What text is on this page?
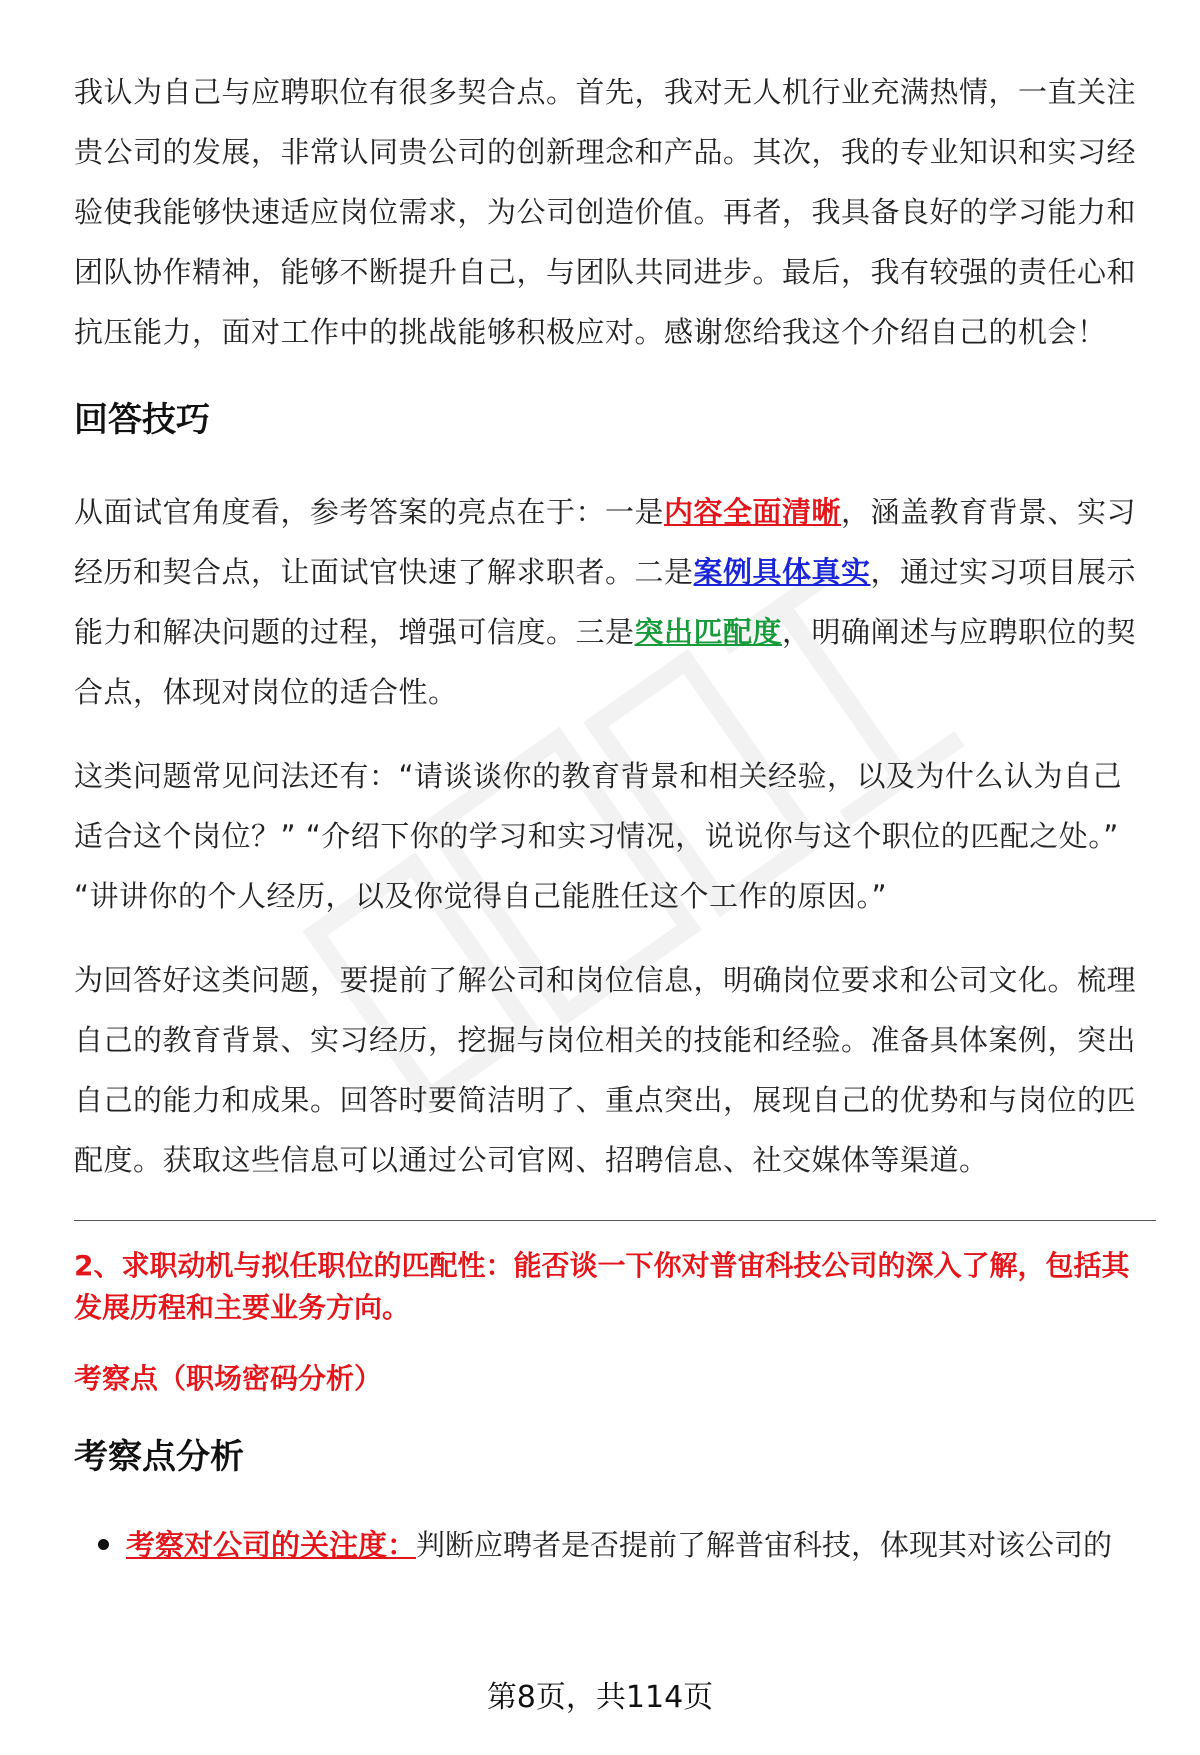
我认为自己与应聘职位有很多契合点。首先，我对无人机行业充满热情，一直关注贵公司的发展，非常认同贵公司的创新理念和产品。其次，我的专业知识和实习经验使我能够快速适应岗位需求，为公司创造价值。再者，我具备良好的学习能力和团队协作精神，能够不断提升自己，与团队共同进步。最后，我有较强的责任心和抗压能力，面对工作中的挑战能够积极应对。感谢您给我这个介绍自己的机会！

回答技巧

从面试官角度看，参考答案的亮点在于：一是内容全面清晰，涵盖教育背景、实习经历和契合点，让面试官快速了解求职者。二是案例具体真实，通过实习项目展示能力和解决问题的过程，增强可信度。三是突出匹配度，明确阐述与应聘职位的契合点，体现对岗位的适合性。

这类问题常见问法还有：“请谈谈你的教育背景和相关经验，以及为什么认为自己适合这个岗位？” “介绍下你的学习和实习情况，说说你与这个职位的匹配之处。” “讲讲你的个人经历，以及你觉得自己能胜任这个工作的原因。”

为回答好这类问题，要提前了解公司和岗位信息，明确岗位要求和公司文化。梳理自己的教育背景、实习经历，挖掘与岗位相关的技能和经验。准备具体案例，突出自己的能力和成果。回答时要简洁明了、重点突出，展现自己的优势和与岗位的匹配度。获取这些信息可以通过公司官网、招聘信息、社交媒体等渠道。

2、求职动机与拟任职位的匹配性：能否谈一下你对普宙科技公司的深入了解，包括其发展历程和主要业务方向。
考察点（职场密码分析）
考察点分析
考察对公司的关注度：判断应聘者是否提前了解普宙科技，体现其对该公司的
第8页，共114页
